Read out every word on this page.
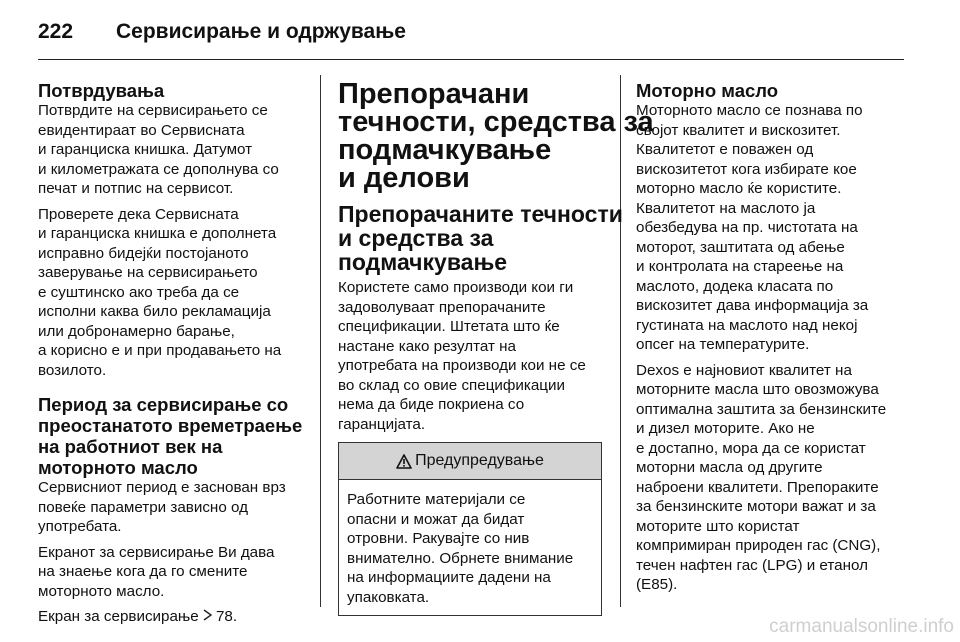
222 Сервисирање и одржување
Потврдувања

Потврдите на сервисирањето се
евидентираат во Сервисната
и гаранциска книшка. Датумот
и километражата се дополнува со
печат и потпис на сервисот.

Проверете дека Сервисната
и гаранциска книшка е дополнета
исправно бидејќи постојаното
заверување на сервисирањето
е суштинско ако треба да се
исполни каква било рекламација
или добронамерно барање,
а корисно е и при продавањето на
возилото.

Период за сервисирање со
преостанатото времетраење
на работниот век на
моторното масло

Сервисниот период е заснован врз
повеќе параметри зависно од
употребата.

Екранот за сервисирање Ви дава
на знаење кога да го смените
моторното масло.

Екран за сервисирање 78.

Препорачани
течности, средства за
подмачкување
и делови
Препорачаните течности
и средства за
подмачкување

Користете само производи кои ги
задоволуваат препорачаните
спецификации. Штетата што ќе
настане како резултат на
употребата на производи кои не се
во склад со овие спецификации
нема да биде покриена со
гаранцијата.

Предупредување

Работните материјали се
опасни и можат да бидат
отровни. Ракувајте со нив
внимателно. Обрнете внимание
на информациите дадени на
упаковката.

Моторно масло

Моторното масло се познава по
својот квалитет и вискозитет.
Квалитетот е поважен од
вискозитетот кога избирате кое
моторно масло ќе користите.
Квалитетот на маслото ја
обезбедува на пр. чистотата на
моторот, заштитата од абење
и контролата на стареење на
маслото, додека класата по
вискозитет дава информација за
густината на маслото над некој
опсег на температурите.

Dexos е најновиот квалитет на
моторните масла што овозможува
оптимална заштита за бензинските
и дизел моторите. Ако не
е достапно, мора да се користат
моторни масла од другите
наброени квалитети. Препораките
за бензинските мотори важат и за
моторите што користат
компримиран природен гас (CNG),
течен нафтен гас (LPG) и етанол
(E85).

carmanualsonline.info
